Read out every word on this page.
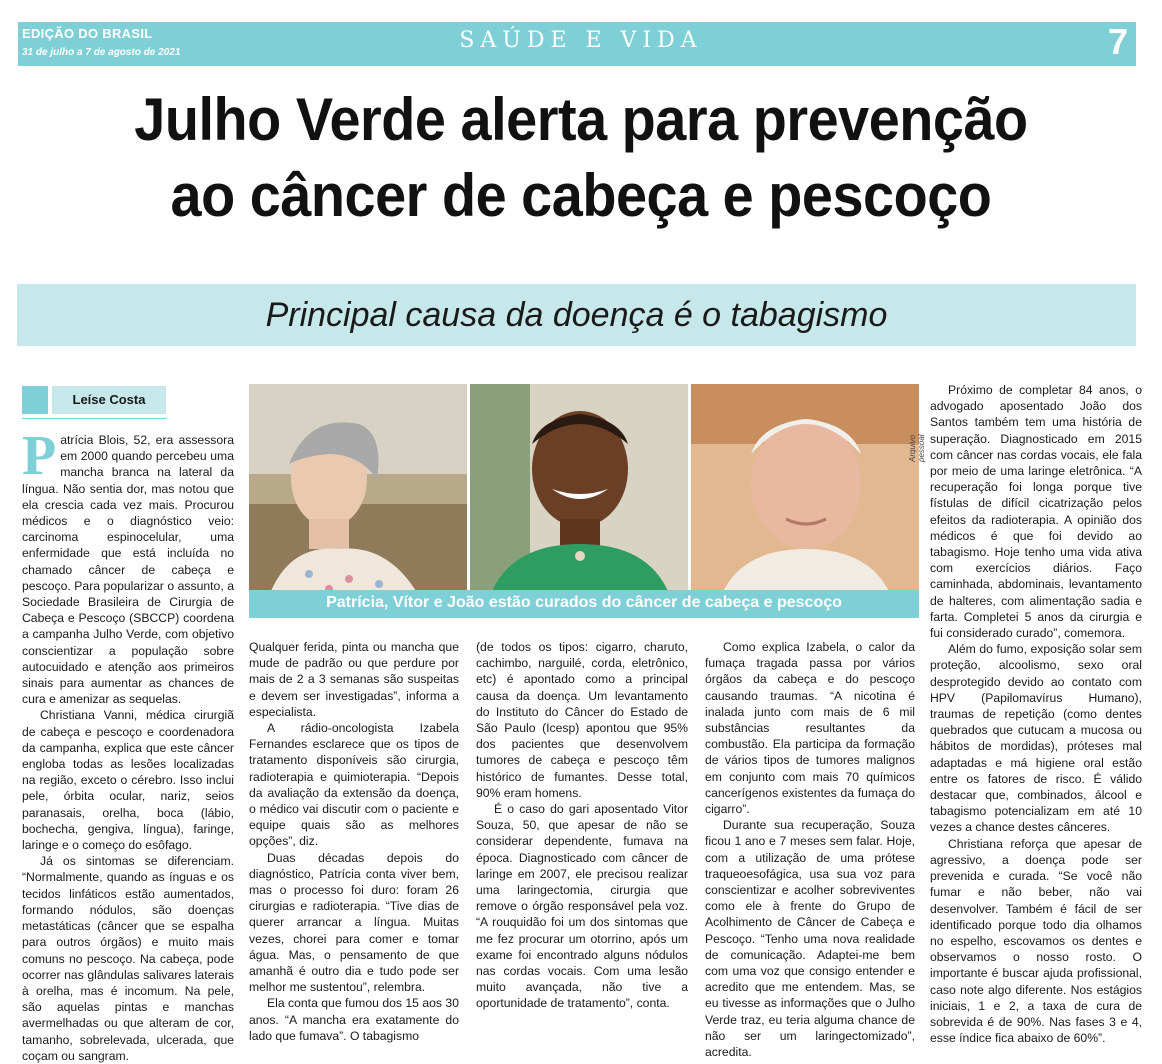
EDIÇÃO DO BRASIL
31 de julho a 7 de agosto de 2021	SAÚDE E VIDA	7
Julho Verde alerta para prevenção
ao câncer de cabeça e pescoço
Principal causa da doença é o tabagismo
Leíse Costa

Patrícia Blois, 52, era assessora em 2000 quando percebeu uma mancha branca na lateral da língua. Não sentia dor, mas notou que ela crescia cada vez mais. Procurou médicos e o diagnóstico veio: carcinoma espinocelular, uma enfermidade que está incluída no chamado câncer de cabeça e pescoço. Para popularizar o assunto, a Sociedade Brasileira de Cirurgia de Cabeça e Pescoço (SBCCP) coordena a campanha Julho Verde, com objetivo conscientizar a população sobre autocuidado e atenção aos primeiros sinais para aumentar as chances de cura e amenizar as sequelas.

Christiana Vanni, médica cirurgiã de cabeça e pescoço e coordenadora da campanha, explica que este câncer engloba todas as lesões localizadas na região, exceto o cérebro. Isso inclui pele, órbita ocular, nariz, seios paranasais, orelha, boca (lábio, bochecha, gengiva, língua), faringe, laringe e o começo do esôfago.

Já os sintomas se diferenciam. “Normalmente, quando as ínguas e os tecidos linfáticos estão aumentados, formando nódulos, são doenças metastáticas (câncer que se espalha para outros órgãos) e muito mais comuns no pescoço. Na cabeça, pode ocorrer nas glândulas salivares laterais à orelha, mas é incomum. Na pele, são aquelas pintas e manchas avermelhadas ou que alteram de cor, tamanho, sobrelevada, ulcerada, que coçam ou sangram.

Arquivo pessoal
Patrícia, Vítor e João estão curados do câncer de cabeça e pescoço

Qualquer ferida, pinta ou mancha que mude de padrão ou que perdure por mais de 2 a 3 semanas são suspeitas e devem ser investigadas”, informa a especialista.

A rádio-oncologista Izabela Fernandes esclarece que os tipos de tratamento disponíveis são cirurgia, radioterapia e quimioterapia. “Depois da avaliação da extensão da doença, o médico vai discutir com o paciente e equipe quais são as melhores opções”, diz.

Duas décadas depois do diagnóstico, Patrícia conta viver bem, mas o processo foi duro: foram 26 cirurgias e radioterapia. “Tive dias de querer arrancar a língua. Muitas vezes, chorei para comer e tomar água. Mas, o pensamento de que amanhã é outro dia e tudo pode ser melhor me sustentou”, relembra.

Ela conta que fumou dos 15 aos 30 anos. “A mancha era exatamente do lado que fumava”. O tabagismo

(de todos os tipos: cigarro, charuto, cachimbo, narguilé, corda, eletrônico, etc) é apontado como a principal causa da doença. Um levantamento do Instituto do Câncer do Estado de São Paulo (Icesp) apontou que 95% dos pacientes que desenvolvem tumores de cabeça e pescoço têm histórico de fumantes. Desse total, 90% eram homens.

É o caso do gari aposentado Vitor Souza, 50, que apesar de não se considerar dependente, fumava na época. Diagnosticado com câncer de laringe em 2007, ele precisou realizar uma laringectomia, cirurgia que remove o órgão responsável pela voz. “A rouquidão foi um dos sintomas que me fez procurar um otorrino, após um exame foi encontrado alguns nódulos nas cordas vocais. Com uma lesão muito avançada, não tive a oportunidade de tratamento”, conta.

Como explica Izabela, o calor da fumaça tragada passa por vários órgãos da cabeça e do pescoço causando traumas. “A nicotina é inalada junto com mais de 6 mil substâncias resultantes da combustão. Ela participa da formação de vários tipos de tumores malignos em conjunto com mais 70 químicos cancerígenos existentes da fumaça do cigarro”.

Durante sua recuperação, Souza ficou 1 ano e 7 meses sem falar. Hoje, com a utilização de uma prótese traqueoesofágica, usa sua voz para conscientizar e acolher sobreviventes como ele à frente do Grupo de Acolhimento de Câncer de Cabeça e Pescoço. “Tenho uma nova realidade de comunicação. Adaptei-me bem com uma voz que consigo entender e acredito que me entendem. Mas, se eu tivesse as informações que o Julho Verde traz, eu teria alguma chance de não ser um laringectomizado”, acredita.

Próximo de completar 84 anos, o advogado aposentado João dos Santos também tem uma história de superação. Diagnosticado em 2015 com câncer nas cordas vocais, ele fala por meio de uma laringe eletrônica. “A recuperação foi longa porque tive fístulas de difícil cicatrização pelos efeitos da radioterapia. A opinião dos médicos é que foi devido ao tabagismo. Hoje tenho uma vida ativa com exercícios diários. Faço caminhada, abdominais, levantamento de halteres, com alimentação sadia e farta. Completei 5 anos da cirurgia e fui considerado curado”, comemora.

Além do fumo, exposição solar sem proteção, alcoolismo, sexo oral desprotegido devido ao contato com HPV (Papilomavírus Humano), traumas de repetição (como dentes quebrados que cutucam a mucosa ou hábitos de mordidas), próteses mal adaptadas e má higiene oral estão entre os fatores de risco. É válido destacar que, combinados, álcool e tabagismo potencializam em até 10 vezes a chance destes cânceres.

Christiana reforça que apesar de agressivo, a doença pode ser prevenida e curada. “Se você não fumar e não beber, não vai desenvolver. Também é fácil de ser identificado porque todo dia olhamos no espelho, escovamos os dentes e observamos o nosso rosto. O importante é buscar ajuda profissional, caso note algo diferente. Nos estágios iniciais, 1 e 2, a taxa de cura de sobrevida é de 90%. Nas fases 3 e 4, esse índice fica abaixo de 60%”.
